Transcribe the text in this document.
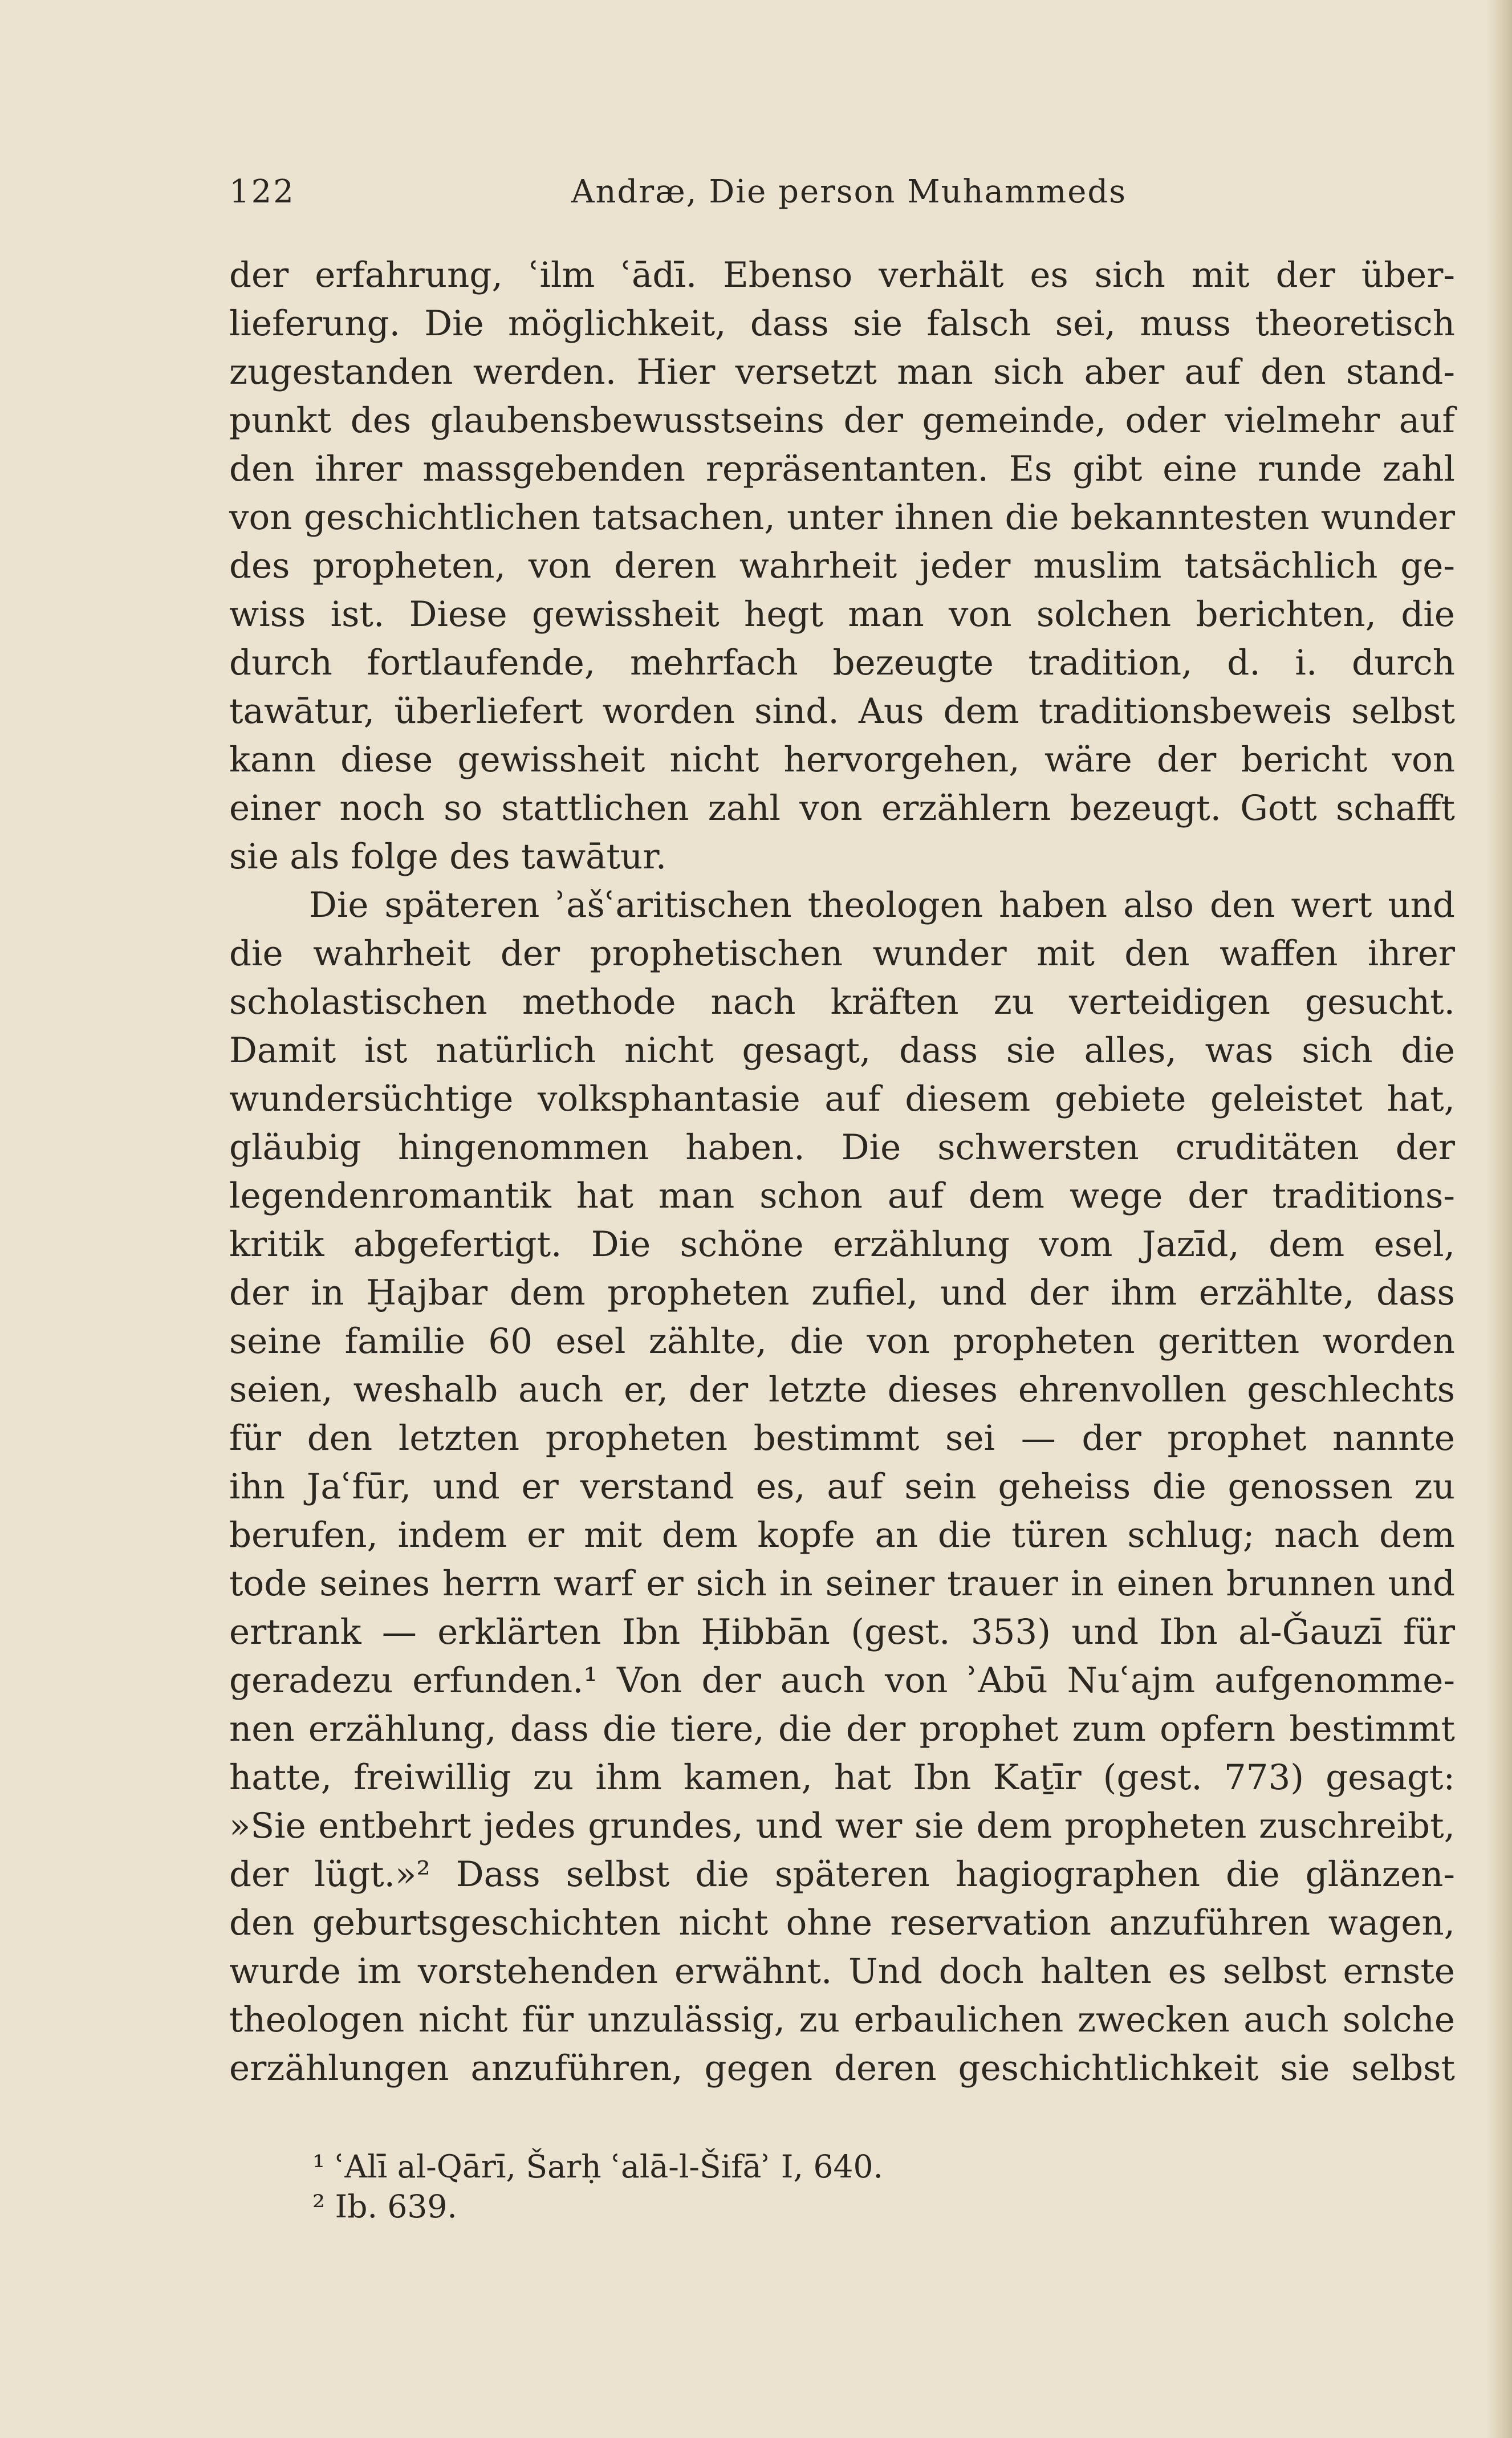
122	Andræ, Die person Muhammeds
der erfahrung, ʿilm ʿādī. Ebenso verhält es sich mit der über-
lieferung. Die möglichkeit, dass sie falsch sei, muss theoretisch
zugestanden werden. Hier versetzt man sich aber auf den stand-
punkt des glaubensbewusstseins der gemeinde, oder vielmehr auf
den ihrer massgebenden repräsentanten. Es gibt eine runde zahl
von geschichtlichen tatsachen, unter ihnen die bekanntesten wunder
des propheten, von deren wahrheit jeder muslim tatsächlich ge-
wiss ist. Diese gewissheit hegt man von solchen berichten, die
durch fortlaufende, mehrfach bezeugte tradition, d. i. durch
tawātur, überliefert worden sind. Aus dem traditionsbeweis selbst
kann diese gewissheit nicht hervorgehen, wäre der bericht von
einer noch so stattlichen zahl von erzählern bezeugt. Gott schafft
sie als folge des tawātur.
Die späteren ʾašʿaritischen theologen haben also den wert und
die wahrheit der prophetischen wunder mit den waffen ihrer
scholastischen methode nach kräften zu verteidigen gesucht.
Damit ist natürlich nicht gesagt, dass sie alles, was sich die
wundersüchtige volksphantasie auf diesem gebiete geleistet hat,
gläubig hingenommen haben. Die schwersten cruditäten der
legendenromantik hat man schon auf dem wege der traditions-
kritik abgefertigt. Die schöne erzählung vom Jazīd, dem esel,
der in Ḫajbar dem propheten zufiel, und der ihm erzählte, dass
seine familie 60 esel zählte, die von propheten geritten worden
seien, weshalb auch er, der letzte dieses ehrenvollen geschlechts
für den letzten propheten bestimmt sei — der prophet nannte
ihn Jaʿfūr, und er verstand es, auf sein geheiss die genossen zu
berufen, indem er mit dem kopfe an die türen schlug; nach dem
tode seines herrn warf er sich in seiner trauer in einen brunnen und
ertrank — erklärten Ibn Ḥibbān (gest. 353) und Ibn al-Ǧauzī für
geradezu erfunden.¹ Von der auch von ʾAbū Nuʿajm aufgenomme-
nen erzählung, dass die tiere, die der prophet zum opfern bestimmt
hatte, freiwillig zu ihm kamen, hat Ibn Kaṯīr (gest. 773) gesagt:
»Sie entbehrt jedes grundes, und wer sie dem propheten zuschreibt,
der lügt.»² Dass selbst die späteren hagiographen die glänzen-
den geburtsgeschichten nicht ohne reservation anzuführen wagen,
wurde im vorstehenden erwähnt. Und doch halten es selbst ernste
theologen nicht für unzulässig, zu erbaulichen zwecken auch solche
erzählungen anzuführen, gegen deren geschichtlichkeit sie selbst
¹ ʿAlī al-Qārī, Šarḥ ʿalā-l-Šifāʾ I, 640.
² Ib. 639.
